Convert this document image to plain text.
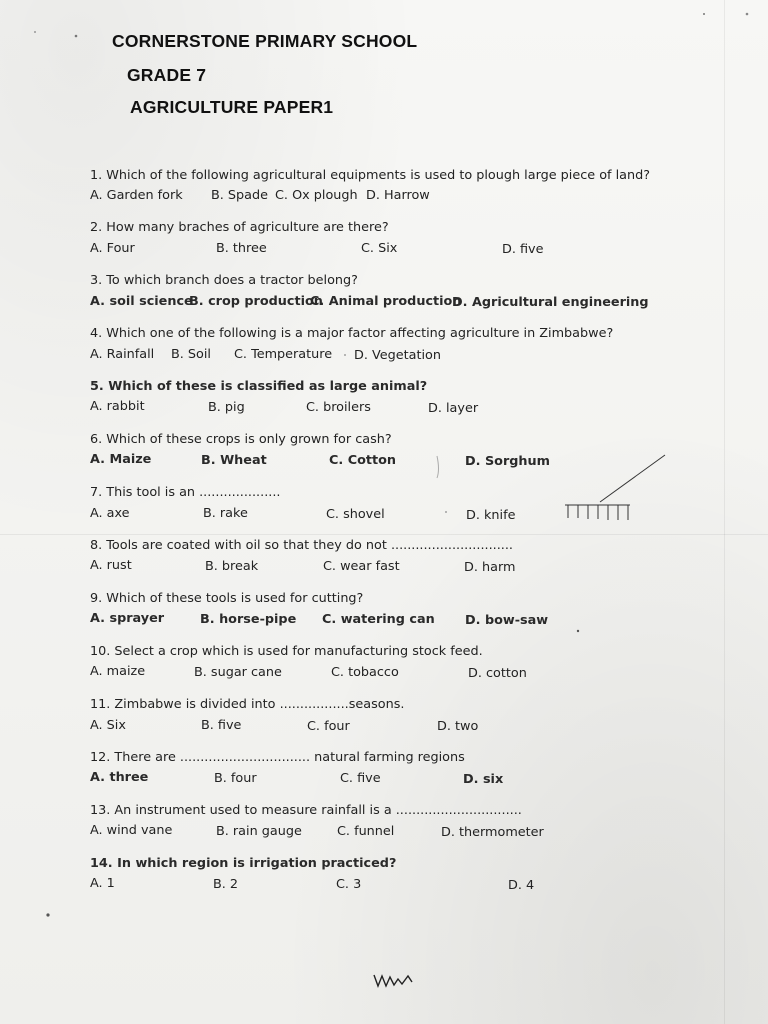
CORNERSTONE PRIMARY SCHOOL
GRADE 7
AGRICULTURE PAPER1
1. Which of the following agricultural equipments is used to plough large piece of land?
A. Garden fork B. Spade C. Ox plough D. Harrow
2. How many braches of agriculture are there?
A. Four	B. three	C. Six	D. five
3. To which branch does a tractor belong?
A. soil science
B. crop production
C. Animal production
D. Agricultural engineering
4. Which one of the following is a major factor affecting agriculture in Zimbabwe?
A. Rainfall B. Soil C. Temperature D. Vegetation
5. Which of these is classified as large animal?
A. rabbit	B. pig	C. broilers	D. layer
6. Which of these crops is only grown for cash?
A. Maize	B. Wheat	C. Cotton	D. Sorghum
7. This tool is an ....................
A. axe	B. rake	C. shovel	D. knife
8. Tools are coated with oil so that they do not ..............................
A. rust	B. break	C. wear fast	D. harm
9. Which of these tools is used for cutting?
A. sprayer	B. horse-pipe C. watering can D. bow-saw
10. Select a crop which is used for manufacturing stock feed.
A. maize	B. sugar cane	C. tobacco	D. cotton
11. Zimbabwe is divided into .................seasons.
A. Six	B. five	C. four	D. two
12. There are ................................ natural farming regions
A. three	B. four	C. five	D. six
13. An instrument used to measure rainfall is a ...............................
A. wind vane	B. rain gauge	C. funnel	D. thermometer
14. In which region is irrigation practiced?
A. 1	B. 2	C. 3	D. 4
